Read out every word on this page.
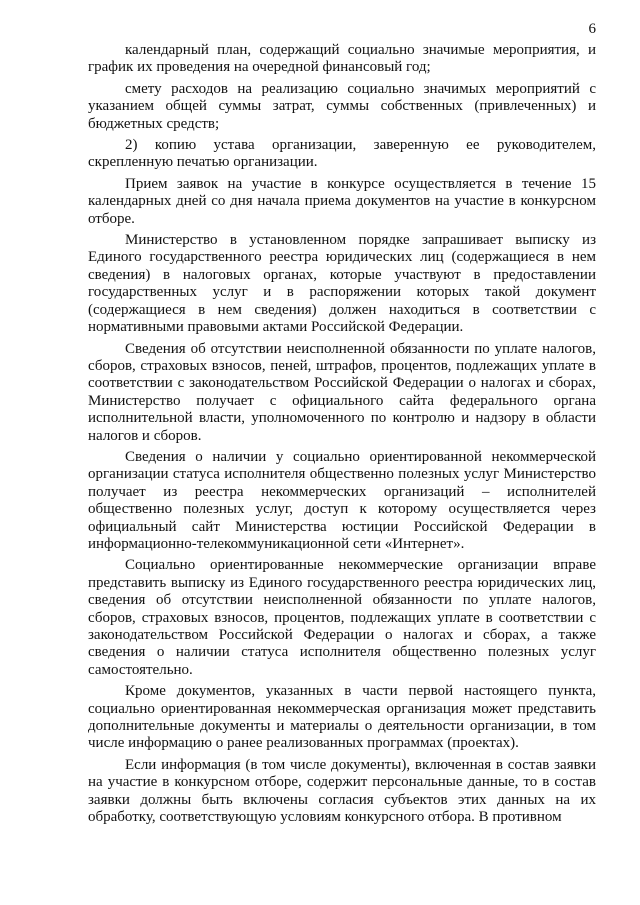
6

календарный план, содержащий социально значимые мероприятия, и график их проведения на очередной финансовый год;

смету расходов на реализацию социально значимых мероприятий с указанием общей суммы затрат, суммы собственных (привлеченных) и бюджетных средств;

2) копию устава организации, заверенную ее руководителем, скрепленную печатью организации.

Прием заявок на участие в конкурсе осуществляется в течение 15 календарных дней со дня начала приема документов на участие в конкурсном отборе.

Министерство в установленном порядке запрашивает выписку из Единого государственного реестра юридических лиц (содержащиеся в нем сведения) в налоговых органах, которые участвуют в предоставлении государственных услуг и в распоряжении которых такой документ (содержащиеся в нем сведения) должен находиться в соответствии с нормативными правовыми актами Российской Федерации.

Сведения об отсутствии неисполненной обязанности по уплате налогов, сборов, страховых взносов, пеней, штрафов, процентов, подлежащих уплате в соответствии с законодательством Российской Федерации о налогах и сборах, Министерство получает с официального сайта федерального органа исполнительной власти, уполномоченного по контролю и надзору в области налогов и сборов.

Сведения о наличии у социально ориентированной некоммерческой организации статуса исполнителя общественно полезных услуг Министерство получает из реестра некоммерческих организаций – исполнителей общественно полезных услуг, доступ к которому осуществляется через официальный сайт Министерства юстиции Российской Федерации в информационно-телекоммуникационной сети «Интернет».

Социально ориентированные некоммерческие организации вправе представить выписку из Единого государственного реестра юридических лиц, сведения об отсутствии неисполненной обязанности по уплате налогов, сборов, страховых взносов, процентов, подлежащих уплате в соответствии с законодательством Российской Федерации о налогах и сборах, а также сведения о наличии статуса исполнителя общественно полезных услуг самостоятельно.

Кроме документов, указанных в части первой настоящего пункта, социально ориентированная некоммерческая организация может представить дополнительные документы и материалы о деятельности организации, в том числе информацию о ранее реализованных программах (проектах).

Если информация (в том числе документы), включенная в состав заявки на участие в конкурсном отборе, содержит персональные данные, то в состав заявки должны быть включены согласия субъектов этих данных на их обработку, соответствующую условиям конкурсного отбора. В противном
